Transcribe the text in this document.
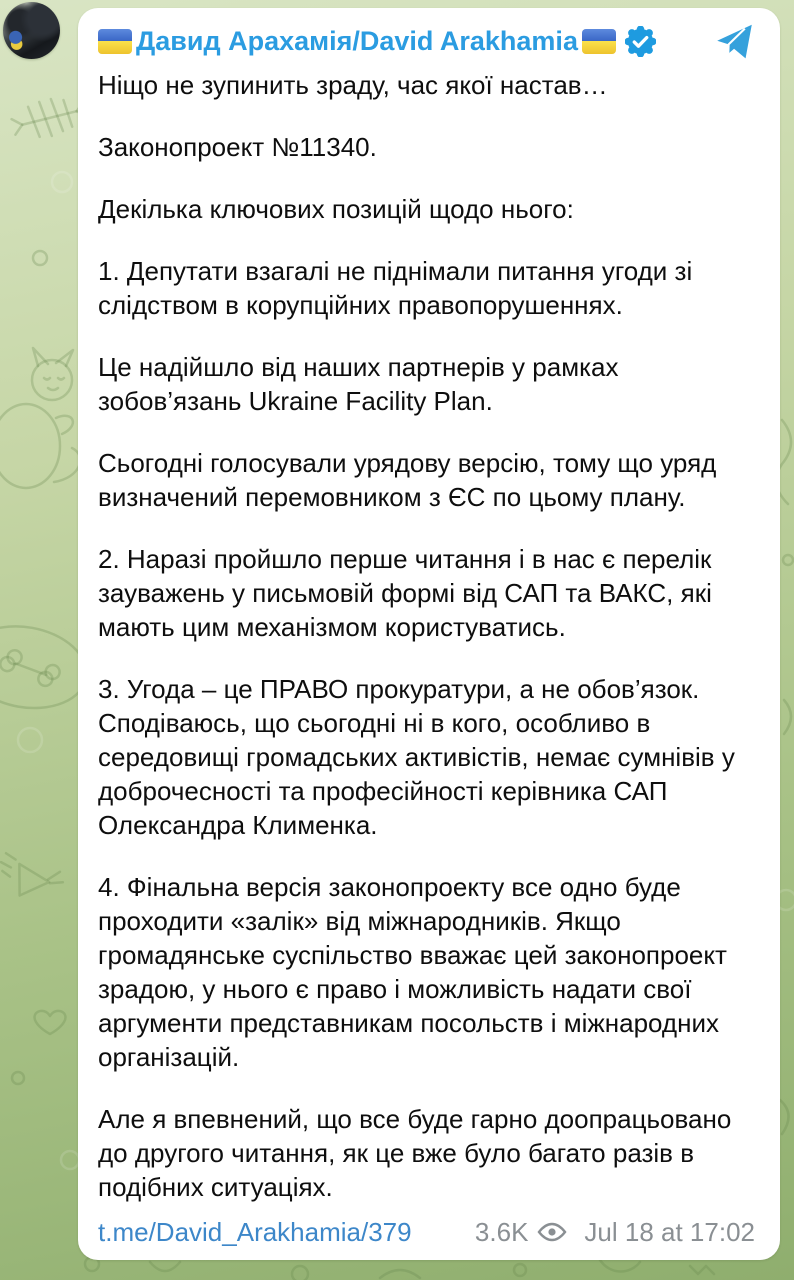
Давид Арахамія/David Arakhamia

Ніщо не зупинить зраду, час якої настав…

Законопроект №11340.

Декілька ключових позицій щодо нього:

1. Депутати взагалі не піднімали питання угоди зі слідством в корупційних правопорушеннях.

Це надійшло від наших партнерів у рамках зобов’язань Ukraine Facility Plan.

Сьогодні голосували урядову версію, тому що уряд визначений перемовником з ЄС по цьому плану.

2. Наразі пройшло перше читання і в нас є перелік зауважень у письмовій формі від САП та ВАКС, які мають цим механізмом користуватись.

3. Угода – це ПРАВО прокуратури, а не обов’язок. Сподіваюсь, що сьогодні ні в кого, особливо в середовищі громадських активістів, немає сумнівів у доброчесності та професійності керівника САП Олександра Клименка.

4. Фінальна версія законопроекту все одно буде проходити «залік» від міжнародників. Якщо громадянське суспільство вважає цей законопроект зрадою, у нього є право і можливість надати свої аргументи представникам посольств і міжнародних організацій.

Але я впевнений, що все буде гарно доопрацьовано до другого читання, як це вже було багато разів в подібних ситуаціях.

t.me/David_Arakhamia/379 3.6K Jul 18 at 17:02
